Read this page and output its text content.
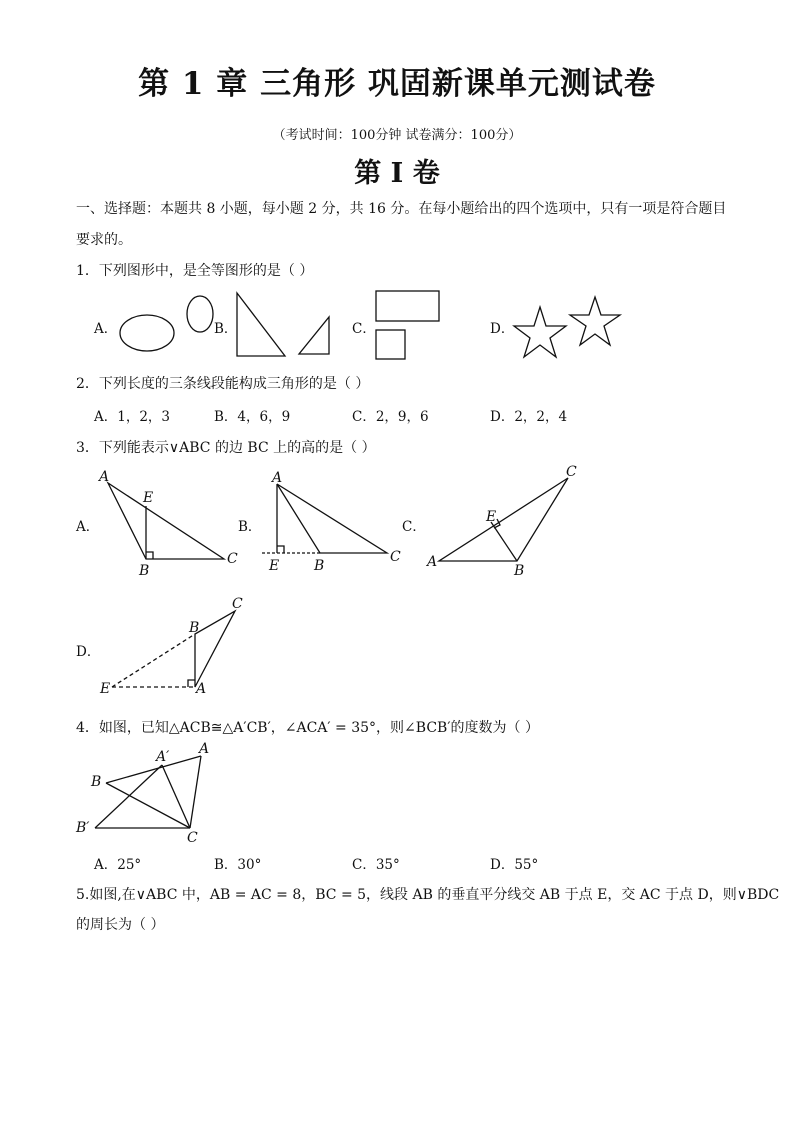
第 1 章 三角形 巩固新课单元测试卷
（考试时间：100分钟 试卷满分：100分）
第 I 卷
一、选择题：本题共 8 小题，每小题 2 分，共 16 分。在每小题给出的四个选项中，只有一项是符合题目
要求的。
1．下列图形中，是全等图形的是（ ）
A．	B．	C．	D．
2．下列长度的三条线段能构成三角形的是（ ）
A．1，2，3	B．4，6，9	C．2，9，6	D．2，2，4
3．下列能表示∨ABC 的边 BC 上的高的是（ ）
A．	B．	C．
D．
A
E
B
C
A
E B
C
C
E
A
B
C
B
E	A
4．如图，已知△ACB≅△A′CB′，∠ACA′ = 35°，则∠BCB′的度数为（ ）
A′ A
B
B′
C
A．25°	B．30°	C．35°	D．55°
5.如图,在∨ABC 中，AB = AC = 8，BC = 5，线段 AB 的垂直平分线交 AB 于点 E，交 AC 于点 D，则∨BDC
的周长为（ ）
